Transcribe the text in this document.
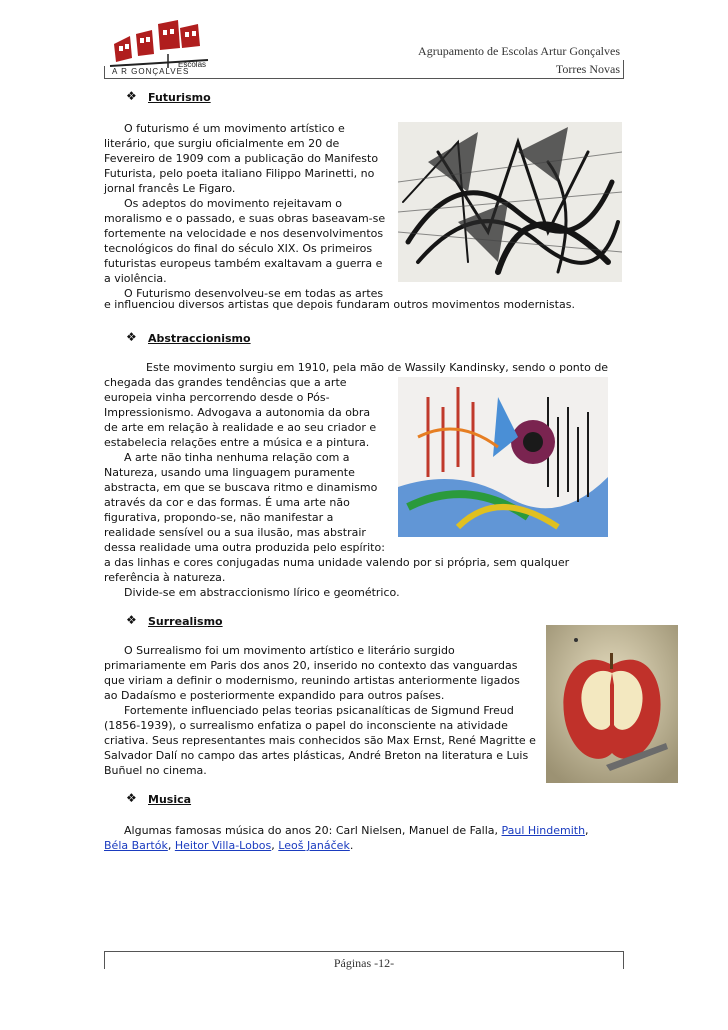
Escolas
A R GONÇALVES
Agrupamento de Escolas Artur Gonçalves
Torres Novas
❖ Futurismo
O futurismo é um movimento artístico e
literário, que surgiu oficialmente em 20 de
Fevereiro de 1909 com a publicação do Manifesto
Futurista, pelo poeta italiano Filippo Marinetti, no
jornal francês Le Figaro.
Os adeptos do movimento rejeitavam o
moralismo e o passado, e suas obras baseavam-se
fortemente na velocidade e nos desenvolvimentos
tecnológicos do final do século XIX. Os primeiros
futuristas europeus também exaltavam a guerra e
a violência.
O Futurismo desenvolveu-se em todas as artes
e influenciou diversos artistas que depois fundaram outros movimentos modernistas.
❖ Abstraccionismo
Este movimento surgiu em 1910, pela mão de Wassily Kandinsky, sendo o ponto de
chegada das grandes tendências que a arte
europeia vinha percorrendo desde o Pós-
Impressionismo. Advogava a autonomia da obra
de arte em relação à realidade e ao seu criador e
estabelecia relações entre a música e a pintura.
A arte não tinha nenhuma relação com a
Natureza, usando uma linguagem puramente
abstracta, em que se buscava ritmo e dinamismo
através da cor e das formas. É uma arte não
figurativa, propondo-se, não manifestar a
realidade sensível ou a sua ilusão, mas abstrair
dessa realidade uma outra produzida pelo espírito:
a das linhas e cores conjugadas numa unidade valendo por si própria, sem qualquer
referência à natureza.
Divide-se em abstraccionismo lírico e geométrico.
❖ Surrealismo
O Surrealismo foi um movimento artístico e literário surgido
primariamente em Paris dos anos 20, inserido no contexto das vanguardas
que viriam a definir o modernismo, reunindo artistas anteriormente ligados
ao Dadaísmo e posteriormente expandido para outros países.
Fortemente influenciado pelas teorias psicanalíticas de Sigmund Freud
(1856-1939), o surrealismo enfatiza o papel do inconsciente na atividade
criativa. Seus representantes mais conhecidos são Max Ernst, René Magritte e
Salvador Dalí no campo das artes plásticas, André Breton na literatura e Luis
Buñuel no cinema.
❖ Musica
Algumas famosas música do anos 20: Carl Nielsen, Manuel de Falla, Paul Hindemith,
Béla Bartók, Heitor Villa-Lobos, Leoš Janáček.
Páginas -12-
